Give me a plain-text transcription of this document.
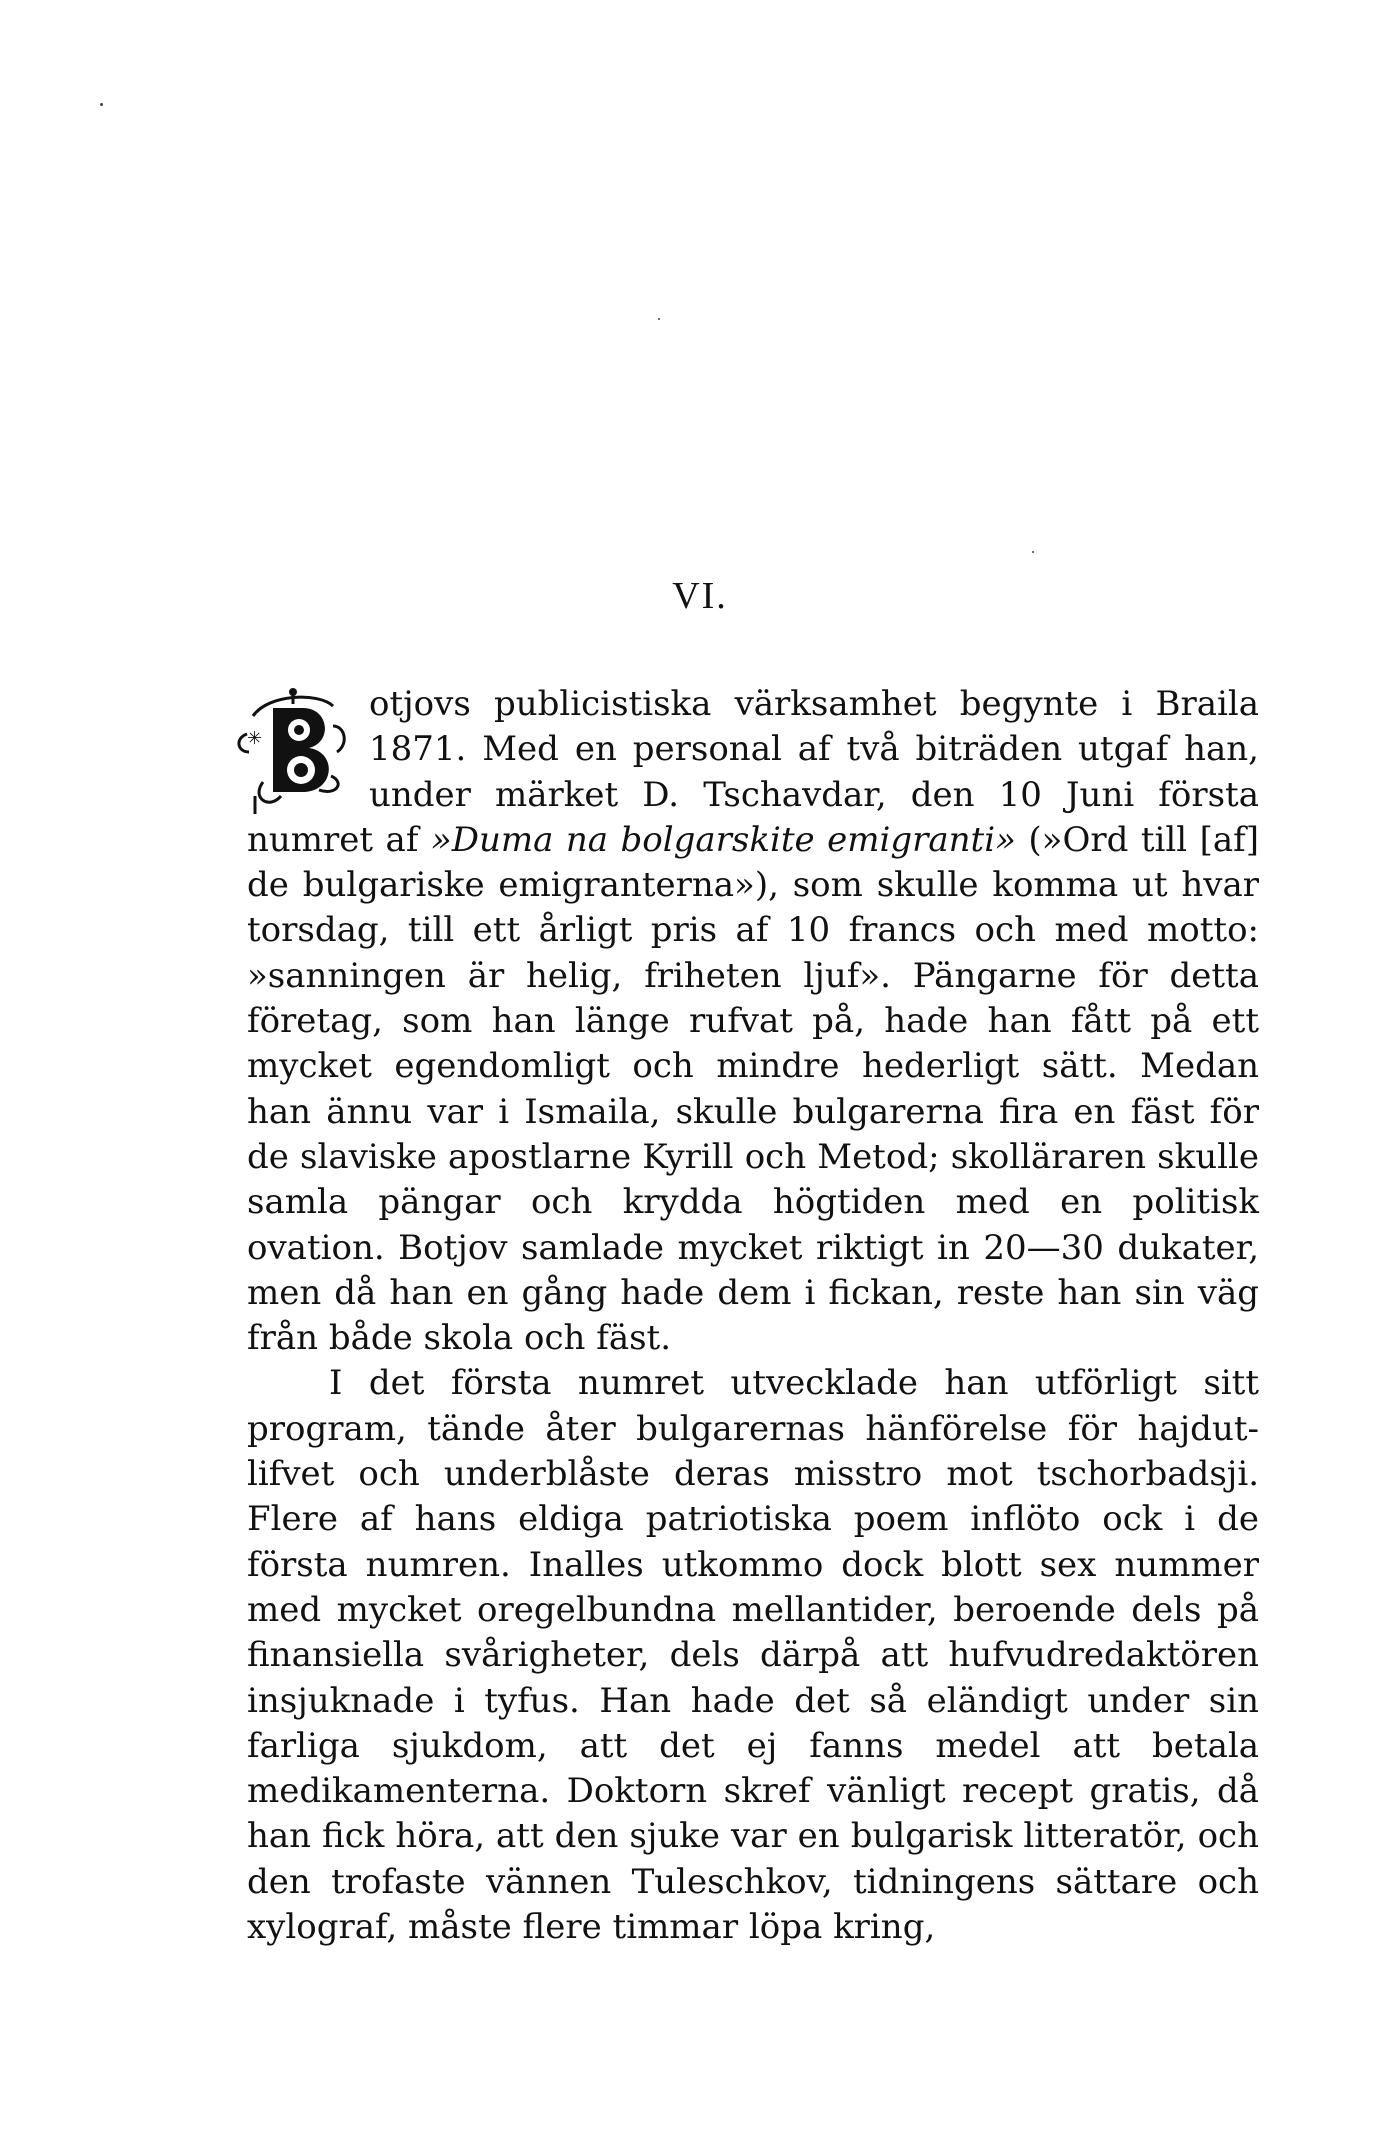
VI.

✳
B	otjovs publicistiska värksamhet begynte i Braila 1871. Med en personal af två biträden utgaf han, under märket D. Tschavdar, den 10 Juni första numret af »Duma na bolgarskite emigranti» (»Ord till [af] de bulgariske emigranterna»), som skulle komma ut hvar torsdag, till ett årligt pris af 10 francs och med motto: »sanningen är helig, friheten ljuf». Pängarne för detta företag, som han länge rufvat på, hade han fått på ett mycket egendomligt och mindre hederligt sätt. Medan han ännu var i Ismaila, skulle bulgarerna fira en fäst för de slaviske apostlarne Kyrill och Metod; skolläraren skulle samla pängar och krydda högtiden med en politisk ovation. Botjov samlade mycket riktigt in 20—30 dukater, men då han en gång hade dem i fickan, reste han sin väg från både skola och fäst.

I det första numret utvecklade han utförligt sitt program, tände åter bulgarernas hänförelse för hajdut-lifvet och underblåste deras misstro mot tschorbadsji. Flere af hans eldiga patriotiska poem inflöto ock i de första numren. Inalles utkommo dock blott sex nummer med mycket oregelbundna mellantider, beroende dels på finansiella svårigheter, dels därpå att hufvudredaktören insjuknade i tyfus. Han hade det så eländigt under sin farliga sjukdom, att det ej fanns medel att betala medikamenterna. Doktorn skref vänligt recept gratis, då han fick höra, att den sjuke var en bulgarisk litteratör, och den trofaste vännen Tuleschkov, tidningens sättare och xylograf, måste flere timmar löpa kring,
